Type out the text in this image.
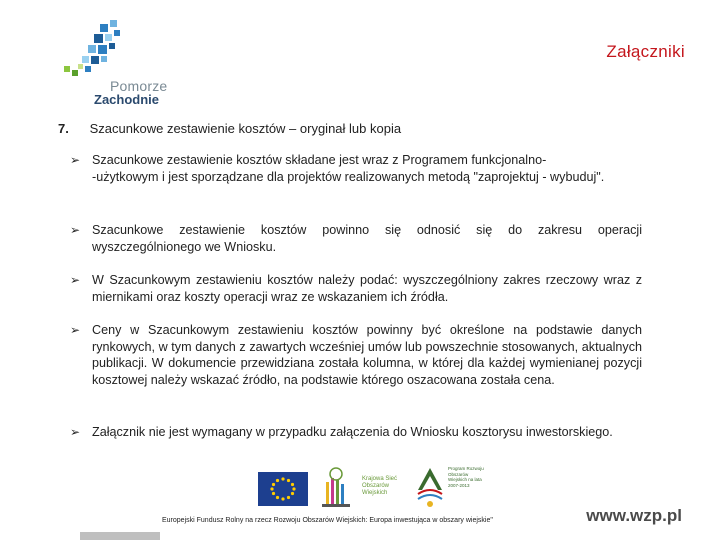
Pomorze
Zachodnie
Załączniki
7. Szacunkowe zestawienie kosztów – oryginał lub kopia
➢ Szacunkowe zestawienie kosztów składane jest wraz z Programem funkcjonalno-
-użytkowym i jest sporządzane dla projektów realizowanych metodą "zaprojektuj - wybuduj".
➢ Szacunkowe zestawienie kosztów powinno się odnosić się do zakresu operacji wyszczególnionego we Wniosku.
➢ W Szacunkowym zestawieniu kosztów należy podać: wyszczególniony zakres rzeczowy wraz z miernikami oraz koszty operacji wraz ze wskazaniem ich źródła.
➢ Ceny w Szacunkowym zestawieniu kosztów powinny być określone na podstawie danych rynkowych, w tym danych z zawartych wcześniej umów lub powszechnie stosowanych, aktualnych publikacji. W dokumencie przewidziana została kolumna, w której dla każdej wymienianej pozycji kosztowej należy wskazać źródło, na podstawie którego oszacowana została cena.
➢ Załącznik nie jest wymagany w przypadku załączenia do Wniosku kosztorysu inwestorskiego.
Krajowa Sieć Obszarów Wiejskich
Program Rozwoju Obszarów Wiejskich na lata 2007-2013
Europejski Fundusz Rolny na rzecz Rozwoju Obszarów Wiejskich: Europa inwestująca w obszary wiejskie"	www.wzp.pl
